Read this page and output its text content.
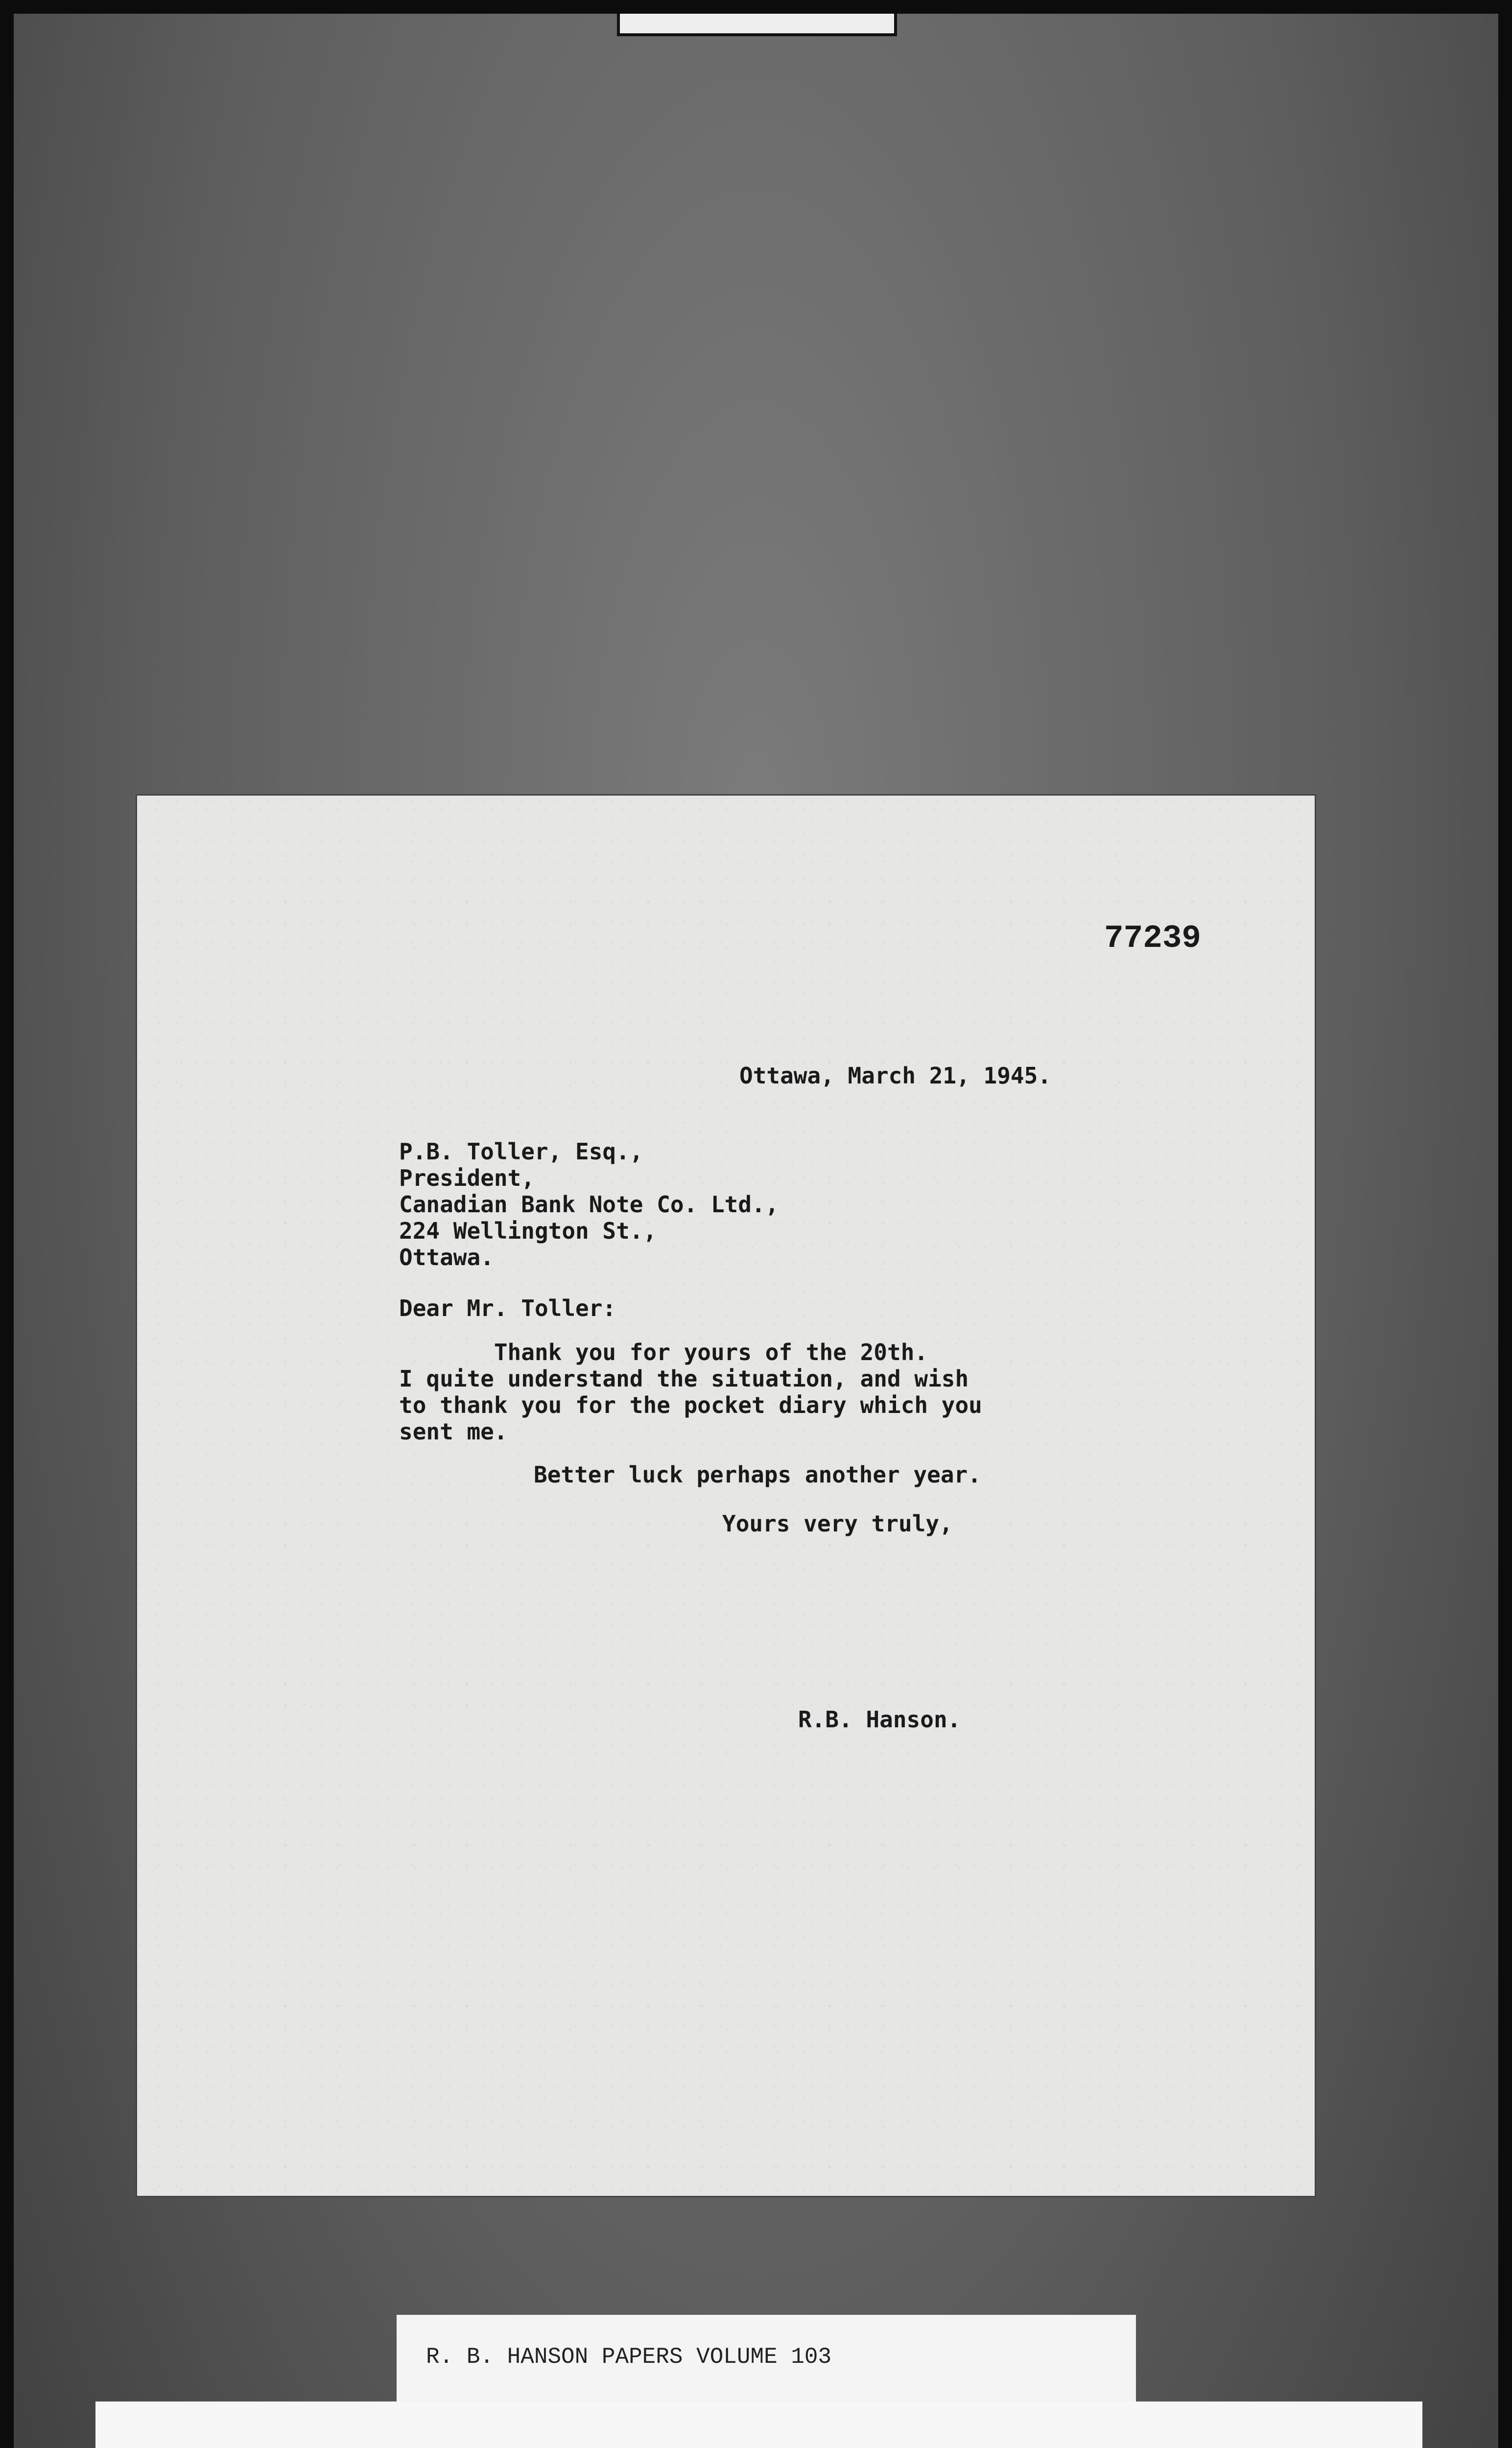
77239
Ottawa, March 21, 1945.
P.B. Toller, Esq.,
President,
Canadian Bank Note Co. Ltd.,
224 Wellington St.,
Ottawa.
Dear Mr. Toller:
Thank you for yours of the 20th.
I quite understand the situation, and wish
to thank you for the pocket diary which you
sent me.
Better luck perhaps another year.
Yours very truly,
R.B. Hanson.
R. B. HANSON PAPERS VOLUME 103
